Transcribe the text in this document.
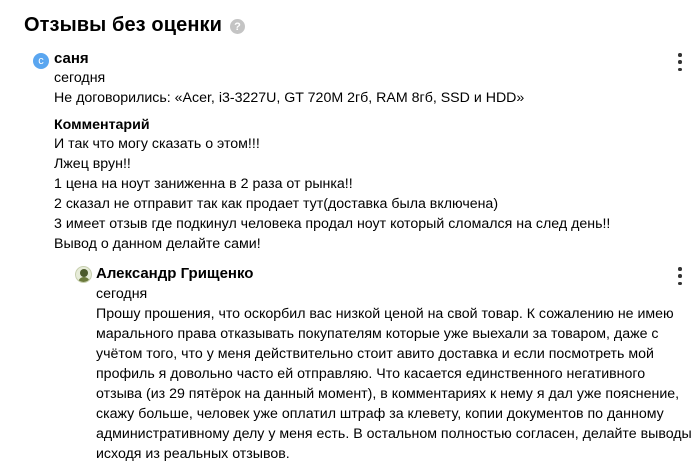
Отзывы без оценки	?
с саня
сегодня
Не договорились: «Acer, i3-3227U, GT 720M 2гб, RAM 8гб, SSD и HDD»
Комментарий
И так что могу сказать о этом!!!
Лжец врун!!
1 цена на ноут заниженна в 2 раза от рынка!!
2 сказал не отправит так как продает тут(доставка была включена)
3 имеет отзыв где подкинул человека продал ноут который сломался на след день!!
Вывод о данном делайте сами!
Александр Грищенко
сегодня
Прошу прошения, что оскорбил вас низкой ценой на свой товар. К сожалению не имею
марального права отказывать покупателям которые уже выехали за товаром, даже с
учётом того, что у меня действительно стоит авито доставка и если посмотреть мой
профиль я довольно часто ей отправляю. Что касается единственного негативного
отзыва (из 29 пятёрок на данный момент), в комментариях к нему я дал уже пояснение,
скажу больше, человек уже оплатил штраф за клевету, копии документов по данному
административному делу у меня есть. В остальном полностью согласен, делайте выводы
исходя из реальных отзывов.
